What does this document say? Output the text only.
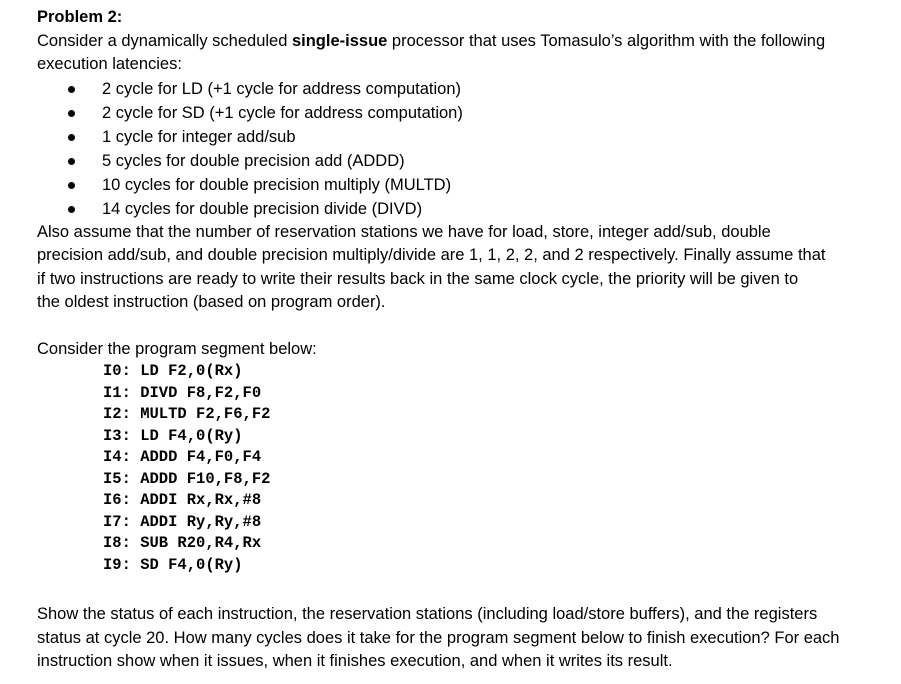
Problem 2:
Consider a dynamically scheduled single-issue processor that uses Tomasulo’s algorithm with the following
execution latencies:
2 cycle for LD (+1 cycle for address computation)
2 cycle for SD (+1 cycle for address computation)
1 cycle for integer add/sub
5 cycles for double precision add (ADDD)
10 cycles for double precision multiply (MULTD)
14 cycles for double precision divide (DIVD)
Also assume that the number of reservation stations we have for load, store, integer add/sub, double
precision add/sub, and double precision multiply/divide are 1, 1, 2, 2, and 2 respectively. Finally assume that
if two instructions are ready to write their results back in the same clock cycle, the priority will be given to
the oldest instruction (based on program order).
Consider the program segment below:
I0: LD F2,0(Rx)
I1: DIVD F8,F2,F0
I2: MULTD F2,F6,F2
I3: LD F4,0(Ry)
I4: ADDD F4,F0,F4
I5: ADDD F10,F8,F2
I6: ADDI Rx,Rx,#8
I7: ADDI Ry,Ry,#8
I8: SUB R20,R4,Rx
I9: SD F4,0(Ry)
Show the status of each instruction, the reservation stations (including load/store buffers), and the registers
status at cycle 20. How many cycles does it take for the program segment below to finish execution? For each
instruction show when it issues, when it finishes execution, and when it writes its result.
